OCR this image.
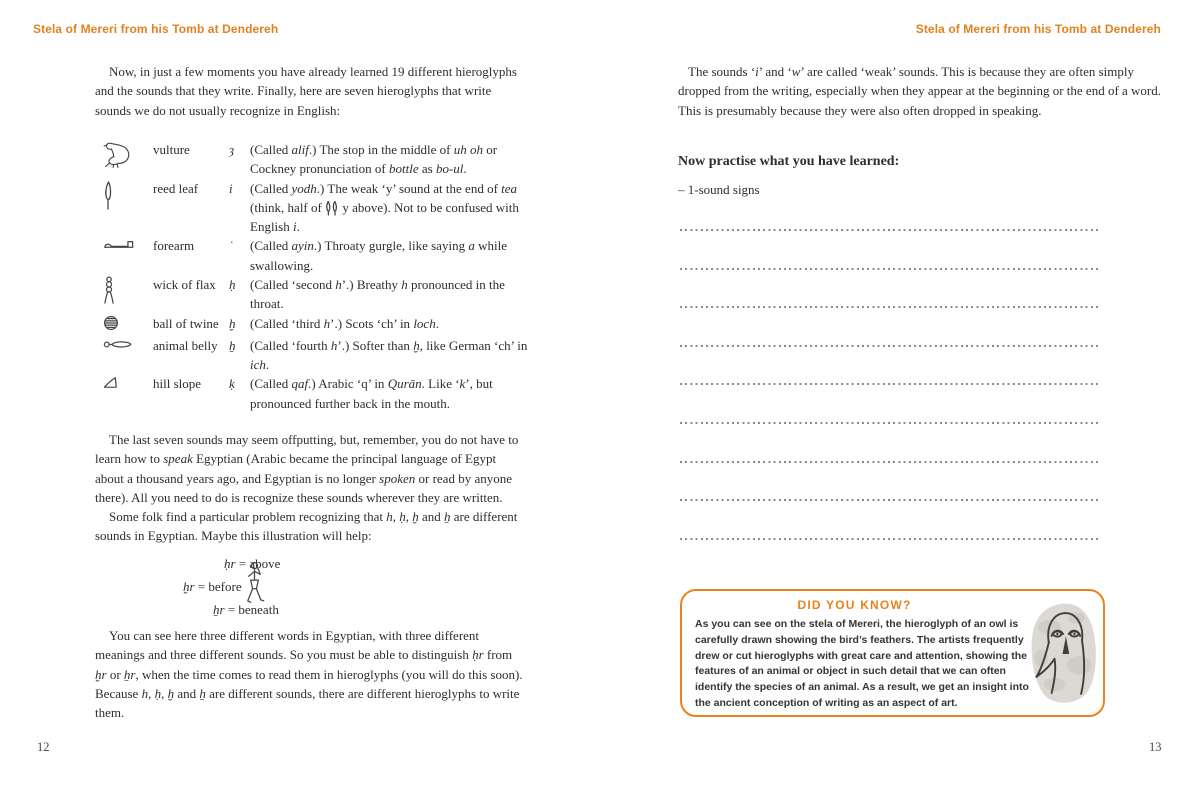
Stela of Mereri from his Tomb at Dendereh

Now, in just a few moments you have already learned 19 different hieroglyphs and the sounds that they write. Finally, here are seven hieroglyphs that write sounds we do not usually recognize in English:

vulture	ȝ	(Called alif.) The stop in the middle of uh oh or Cockney pronunciation of bottle as bo-ul.
reed leaf	i	(Called yodh.) The weak ‘y’ sound at the end of tea (think, half of  y above). Not to be confused with English i.
forearm	ʿ	(Called ayin.) Throaty gurgle, like saying a while swallowing.
wick of flax	ḥ	(Called ‘second h’.) Breathy h pronounced in the throat.
ball of twine ḫ	(Called ‘third h’.) Scots ‘ch’ in loch.
animal belly ẖ	(Called ‘fourth h’.) Softer than ḫ, like German ‘ch’ in ich.
hill slope	ḳ	(Called qaf.) Arabic ‘q’ in Qurān. Like ‘k’, but pronounced further back in the mouth.

The last seven sounds may seem offputting, but, remember, you do not have to learn how to speak Egyptian (Arabic became the principal language of Egypt about a thousand years ago, and Egyptian is no longer spoken or read by anyone there). All you need to do is recognize these sounds wherever they are written.

Some folk find a particular problem recognizing that h, ḥ, ḫ and ẖ are different sounds in Egyptian. Maybe this illustration will help:

ḥr = above
ḫr = before
ẖr = beneath

You can see here three different words in Egyptian, with three different meanings and three different sounds. So you must be able to distinguish ḥr from ḫr or ẖr, when the time comes to read them in hieroglyphs (you will do this soon). Because h, ḥ, ḫ and ẖ are different sounds, there are different hieroglyphs to write them.

12
Stela of Mereri from his Tomb at Dendereh

The sounds ‘i’ and ‘w’ are called ‘weak’ sounds. This is because they are often simply dropped from the writing, especially when they appear at the beginning or the end of a word. This is presumably because they were also often dropped in speaking.

Now practise what you have learned:
– 1-sound signs
DID YOU KNOW?
As you can see on the stela of Mereri, the hieroglyph of an owl is carefully drawn showing the bird’s feathers. The artists frequently drew or cut hieroglyphs with great care and attention, showing the features of an animal or object in such detail that we can often identify the species of an animal. As a result, we get an insight into the ancient conception of writing as an aspect of art.
13
